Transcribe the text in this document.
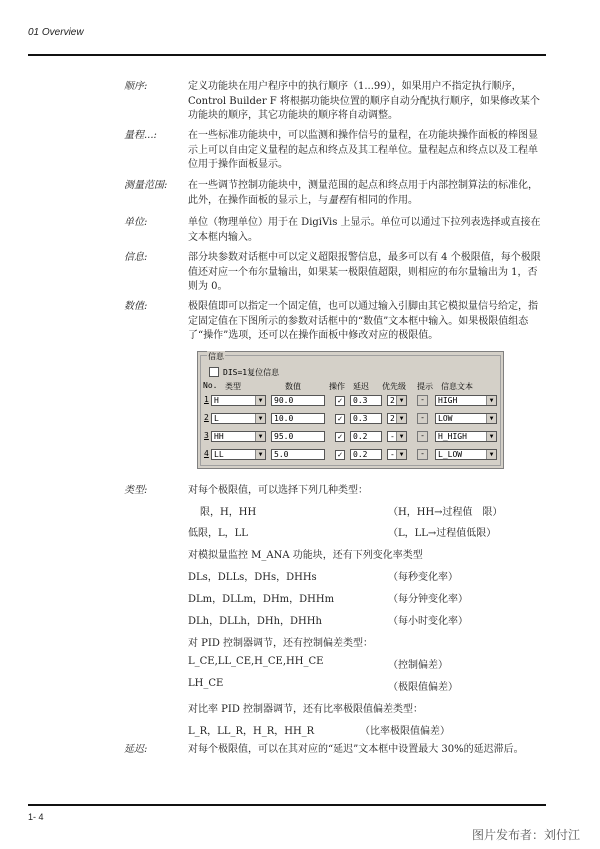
01 Overview
顺序:	定义功能块在用户程序中的执行顺序（1...99），如果用户不指定执行顺序，Control Builder F 将根据功能块位置的顺序自动分配执行顺序，如果修改某个功能块的顺序，其它功能块的顺序将自动调整。
量程...:	在一些标准功能块中，可以监测和操作信号的量程，在功能块操作面板的棒图显示上可以自由定义量程的起点和终点及其工程单位。量程起点和终点以及工程单位用于操作面板显示。
测量范围: 在一些调节控制功能块中，测量范围的起点和终点用于内部控制算法的标准化，此外，在操作面板的显示上，与量程有相同的作用。
单位:	单位（物理单位）用于在 DigiVis 上显示。单位可以通过下拉列表选择或直接在文本框内输入。
信息:	部分块参数对话框中可以定义超限报警信息，最多可以有 4 个极限值，每个极限值还对应一个布尔量输出，如果某一极限值超限，则相应的布尔量输出为 1，否则为 0。
数值:	极限值即可以指定一个固定值，也可以通过输入引脚由其它模拟量信号给定，指定固定值在下图所示的参数对话框中的“数值”文本框中输入。如果极限值组态了“操作”选项，还可以在操作面板中修改对应的极限值。
信息
DIS=1复位信息
No. 类型	数值	操作 延迟 优先级 提示 信息文本
1 H	▼	90.0	✓	0.3	2 ▼	-	HIGH	▼
2 L	▼	10.0	✓	0.3	2 ▼	-	LOW	▼
3 HH	▼	95.0	✓	0.2	- ▼	-	H_HIGH	▼
4 LL	▼	5.0	✓	0.2	- ▼	-	L_LOW	▼
类型:	对每个极限值，可以选择下列几种类型：
限，H，HH	（H，HH→过程值　限）
低限，L，LL	（L，LL→过程值低限）
对模拟量监控 M_ANA 功能块，还有下列变化率类型
DLs，DLLs，DHs，DHHs	（每秒变化率）
DLm，DLLm，DHm，DHHm	（每分钟变化率）
DLh，DLLh，DHh，DHHh	（每小时变化率）
对 PID 控制器调节，还有控制偏差类型：
L_CE,LL_CE,H_CE,HH_CE	（控制偏差）
LH_CE	（极限值偏差）
对比率 PID 控制器调节，还有比率极限值偏差类型：
L_R，LL_R，H_R，HH_R	（比率极限值偏差）
延迟:	对每个极限值，可以在其对应的“延迟”文本框中设置最大 30%的延迟滞后。
1- 4
图片发布者：刘付江
